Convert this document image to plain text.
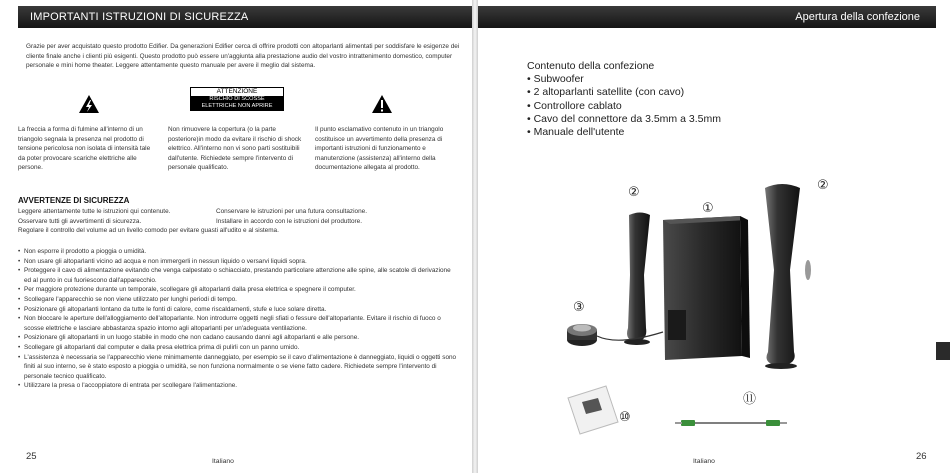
IMPORTANTI ISTRUZIONI DI SICUREZZA
Grazie per aver acquistato questo prodotto Edifier. Da generazioni Edifier cerca di offrire prodotti con altoparlanti alimentati per soddisfare le esigenze dei cliente finale anche i clienti più esigenti. Questo prodotto può essere un'aggiunta alla prestazione audio del vostro intrattenimento domestico, computer personale e mini home theater. Leggere attentamente questo manuale per avere il meglio dal sistema.
ATTENZIONE
RISCHIO DI SCOSSE
ELETTRICHE NON APRIRE
La freccia a forma di fulmine all'interno di un triangolo segnala la presenza nel prodotto di tensione pericolosa non isolata di intensità tale da poter provocare scariche elettriche alle persone.
Non rimuovere la copertura (o la parte posteriore)in modo da evitare il rischio di shock elettrico. All'interno non vi sono parti sostituibili dall'utente. Richiedete sempre l'intervento di personale qualificato.
Il punto esclamativo contenuto in un triangolo costituisce un avvertimento della presenza di importanti istruzioni di funzionamento e manutenzione (assistenza) all'interno della documentazione allegata al prodotto.
AVVERTENZE DI SICUREZZA
Leggere attentamente tutte le istruzioni qui contenute.	Conservare le istruzioni per una futura consultazione.
Osservare tutti gli avvertimenti di sicurezza.	Installare in accordo con le istruzioni del produttore.
Regolare il controllo del volume ad un livello comodo per evitare guasti all'udito e al sistema.
• Non esporre il prodotto a pioggia o umidità.
• Non usare gli altoparlanti vicino ad acqua e non immergerli in nessun liquido o versarvi liquidi sopra.
• Proteggere il cavo di alimentazione evitando che venga calpestato o schiacciato, prestando particolare attenzione alle spine, alle scatole di derivazione ed al punto in cui fuoriescono dall'apparecchio.
• Per maggiore protezione durante un temporale, scollegare gli altoparlanti dalla presa elettrica e spegnere il computer.
• Scollegare l'apparecchio se non viene utilizzato per lunghi periodi di tempo.
• Posizionare gli altoparlanti lontano da tutte le fonti di calore, come riscaldamenti, stufe e luce solare diretta.
• Non bloccare le aperture dell'alloggiamento dell'altoparlante. Non introdurre oggetti negli sfiati o fessure dell'altoparlante. Evitare il rischio di fuoco o scosse elettriche e lasciare abbastanza spazio intorno agli altoparlanti per un'adeguata ventilazione.
• Posizionare gli altoparlanti in un luogo stabile in modo che non cadano causando danni agli altoparlanti e alle persone.
• Scollegare gli altoparlanti dal computer e dalla presa elettrica prima di pulirli con un panno umido.
• L'assistenza è necessaria se l'apparecchio viene minimamente danneggiato, per esempio se il cavo d'alimentazione è danneggiato, liquidi o oggetti sono finiti al suo interno, se è stato esposto a pioggia o umidità, se non funziona normalmente o se viene fatto cadere. Richiedete sempre l'intervento di personale tecnico qualificato.
• Utilizzare la presa o l'accoppiatore di entrata per scollegare l'alimentazione.
25	Italiano
Apertura della confezione
Contenuto della confezione
• Subwoofer
• 2 altoparlanti satellite (con cavo)
• Controllore cablato
• Cavo del connettore da 3.5mm a 3.5mm
• Manuale dell'utente
①
②	②
③
⑩
⑪
Italiano	26
